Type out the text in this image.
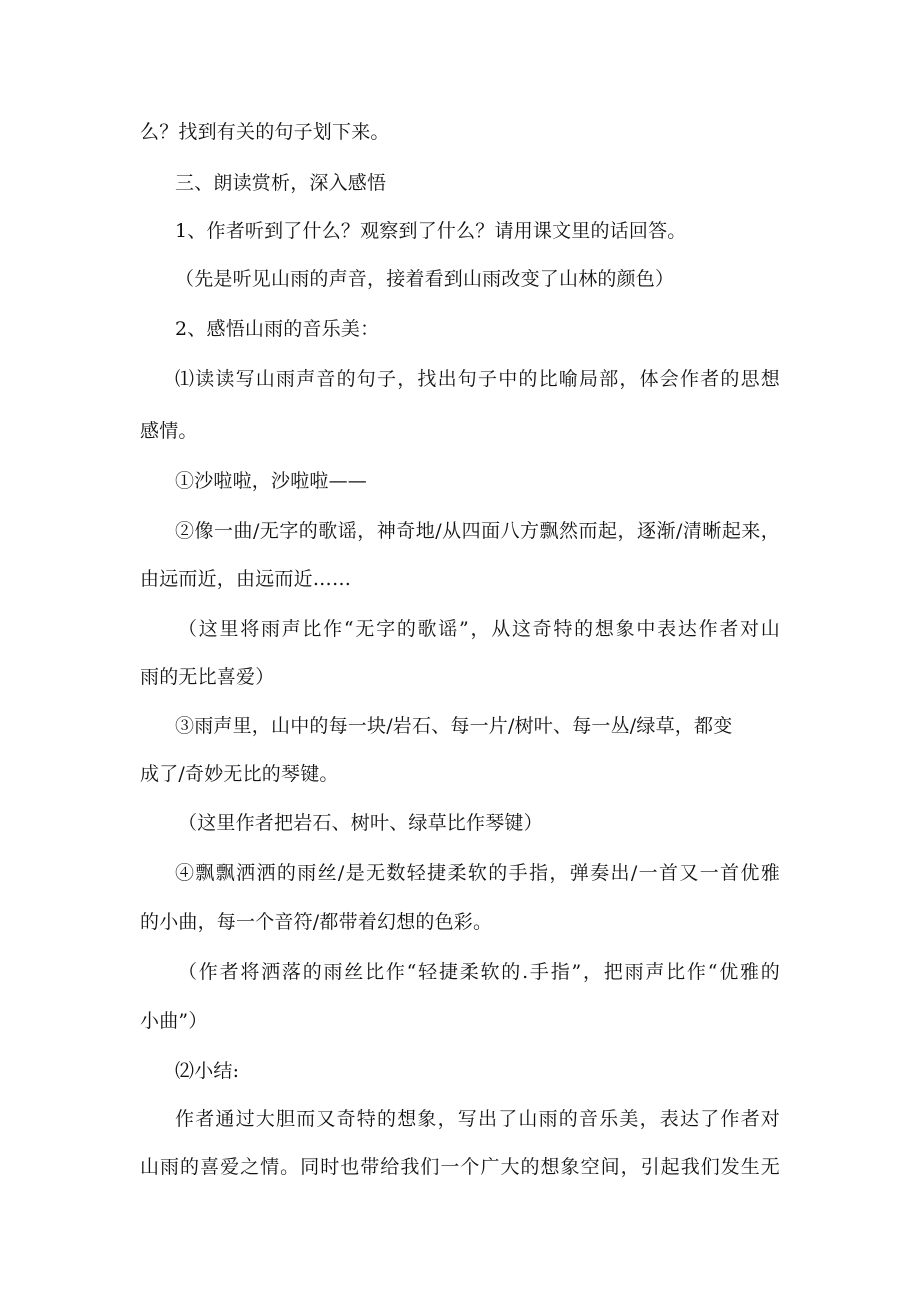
么？找到有关的句子划下来。
三、朗读赏析，深入感悟
1、作者听到了什么？观察到了什么？请用课文里的话回答。
（先是听见山雨的声音，接着看到山雨改变了山林的颜色）
2、感悟山雨的音乐美：
⑴读读写山雨声音的句子，找出句子中的比喻局部，体会作者的思想
感情。
①沙啦啦，沙啦啦——
②像一曲/无字的歌谣，神奇地/从四面八方飘然而起，逐渐/清晰起来，
由远而近，由远而近……
（这里将雨声比作“无字的歌谣”，从这奇特的想象中表达作者对山
雨的无比喜爱）
③雨声里，山中的每一块/岩石、每一片/树叶、每一丛/绿草，都变
成了/奇妙无比的琴键。
（这里作者把岩石、树叶、绿草比作琴键）
④飘飘洒洒的雨丝/是无数轻捷柔软的手指，弹奏出/一首又一首优雅
的小曲，每一个音符/都带着幻想的色彩。
（作者将洒落的雨丝比作“轻捷柔软的.手指”，把雨声比作“优雅的
小曲”）
⑵小结:
作者通过大胆而又奇特的想象，写出了山雨的音乐美，表达了作者对
山雨的喜爱之情。同时也带给我们一个广大的想象空间，引起我们发生无
